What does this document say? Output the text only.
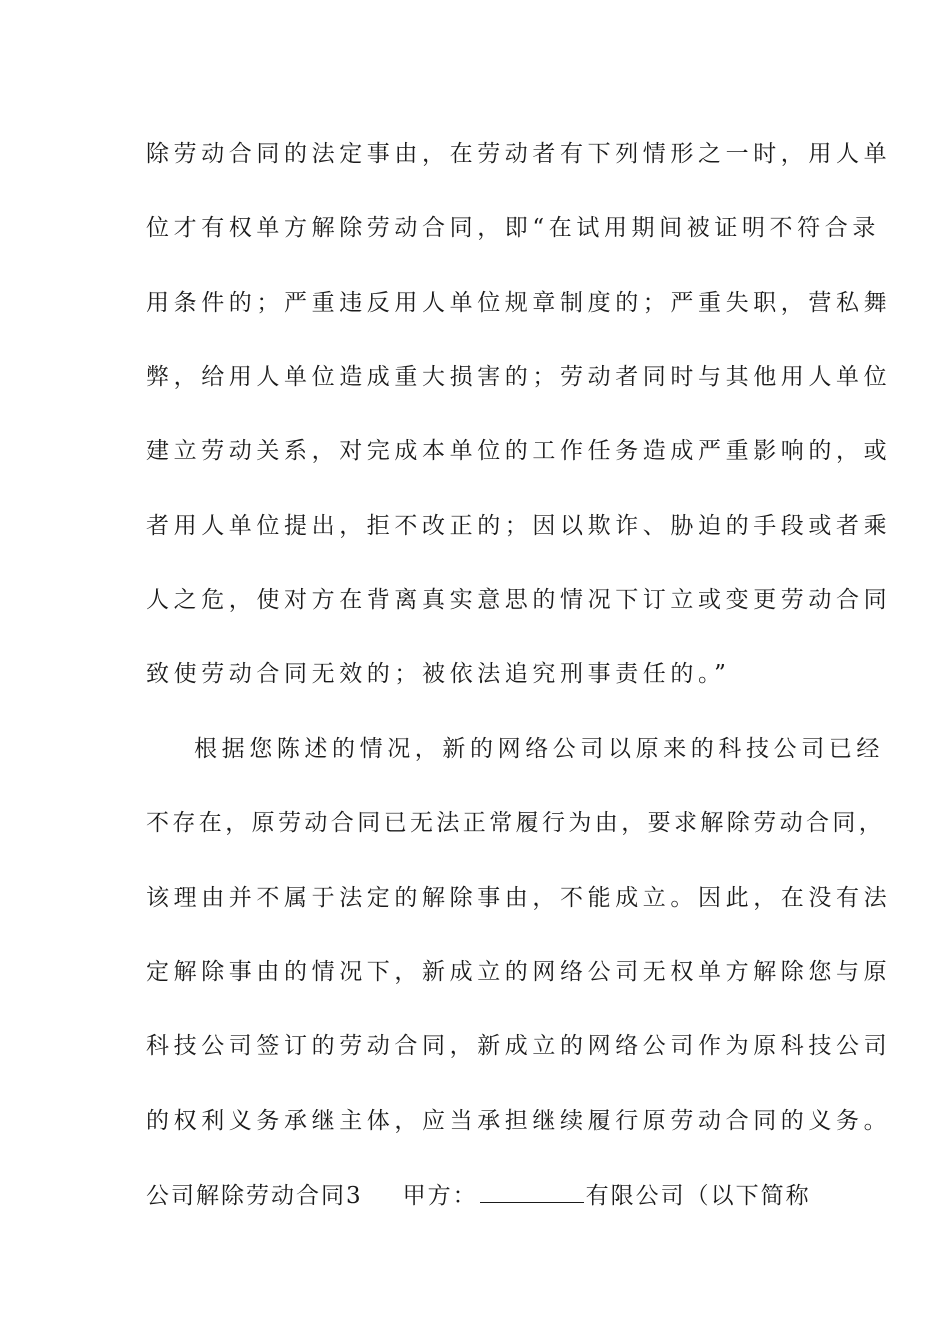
除劳动合同的法定事由，在劳动者有下列情形之一时，用人单
位才有权单方解除劳动合同，即“在试用期间被证明不符合录
用条件的；严重违反用人单位规章制度的；严重失职，营私舞
弊，给用人单位造成重大损害的；劳动者同时与其他用人单位
建立劳动关系，对完成本单位的工作任务造成严重影响的，或
者用人单位提出，拒不改正的；因以欺诈、胁迫的手段或者乘
人之危，使对方在背离真实意思的情况下订立或变更劳动合同
致使劳动合同无效的；被依法追究刑事责任的。”
根据您陈述的情况，新的网络公司以原来的科技公司已经
不存在，原劳动合同已无法正常履行为由，要求解除劳动合同，
该理由并不属于法定的解除事由，不能成立。因此，在没有法
定解除事由的情况下，新成立的网络公司无权单方解除您与原
科技公司签订的劳动合同，新成立的网络公司作为原科技公司
的权利义务承继主体，应当承担继续履行原劳动合同的义务。
公司解除劳动合同3 甲方：	有限公司（以下简称
